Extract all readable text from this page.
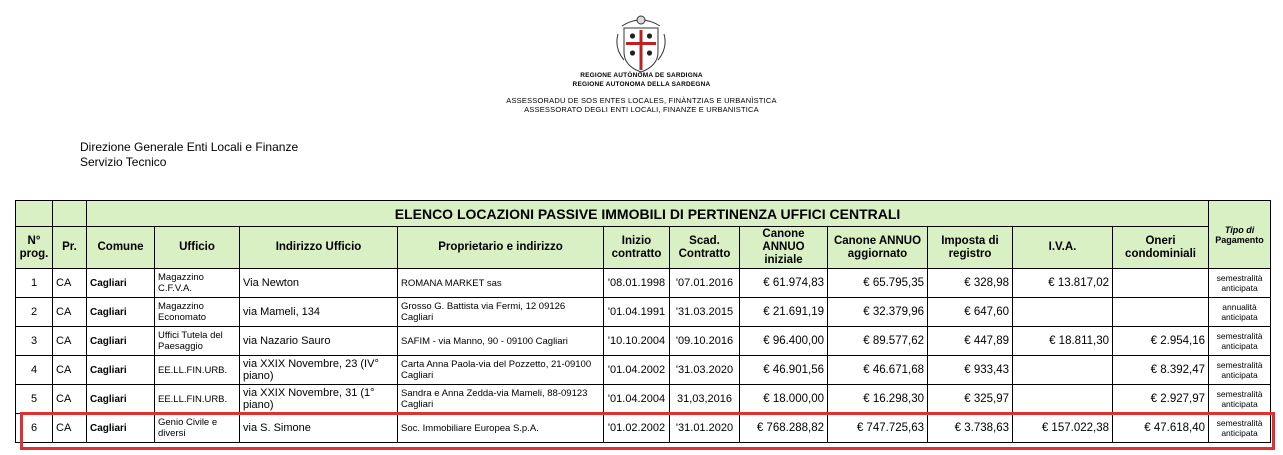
REGIONE AUTÒNOMA DE SARDIGNA
REGIONE AUTONOMA DELLA SARDEGNA
ASSESSORADU DE SOS ENTES LOCALES, FINÀNTZIAS E URBANÌSTICA
ASSESSORATO DEGLI ENTI LOCALI, FINANZE E URBANISTICA
Direzione Generale Enti Locali e Finanze
Servizio Tecnico
		ELENCO LOCAZIONI PASSIVE IMMOBILI DI PERTINENZA UFFICI CENTRALI											Tipo di
Pagamento

N° prog.	Pr.	Comune	Ufficio	Indirizzo Ufficio	Proprietario e indirizzo	Inizio contratto	Scad. Contratto	Canone ANNUO iniziale	Canone ANNUO aggiornato	Imposta di registro	I.V.A.	Oneri condominiali	
1	CA	Cagliari	Magazzino C.F.V.A.	Via Newton	ROMANA MARKET sas	'08.01.1998	'07.01.2016	€ 61.974,83	€ 65.795,35	€ 328,98	€ 13.817,02		semestralità anticipata
2	CA	Cagliari	Magazzino Economato	via Mameli, 134	Grosso G. Battista via Fermi, 12 09126 Cagliari	'01.04.1991	'31.03.2015	€ 21.691,19	€ 32.379,96	€ 647,60			annualità anticipata
3	CA	Cagliari	Uffici Tutela del Paesaggio	via Nazario Sauro	SAFIM - via Manno, 90 - 09100 Cagliari	'10.10.2004	'09.10.2016	€ 96.400,00	€ 89.577,62	€ 447,89	€ 18.811,30	€ 2.954,16	semestralità anticipata
4	CA	Cagliari	EE.LL.FIN.URB.	via XXIX Novembre, 23 (IV° piano)	Carta Anna Paola-via del Pozzetto, 21-09100 Cagliari	'01.04.2002	'31.03.2020	€ 46.901,56	€ 46.671,68	€ 933,43		€ 8.392,47	semestralità anticipata
5	CA	Cagliari	EE.LL.FIN.URB.	via XXIX Novembre, 31 (1° piano)	Sandra e Anna Zedda-via Mameli, 88-09123 Cagliari	'01.04.2004	31,03,2016	€ 18.000,00	€ 16.298,30	€ 325,97		€ 2.927,97	semestralità anticipata
6	CA	Cagliari	Genio Civile e diversi	via S. Simone	Soc. Immobiliare Europea S.p.A.	'01.02.2002	'31.01.2020	€ 768.288,82	€ 747.725,63	€ 3.738,63	€ 157.022,38	€ 47.618,40	semestralità anticipata
